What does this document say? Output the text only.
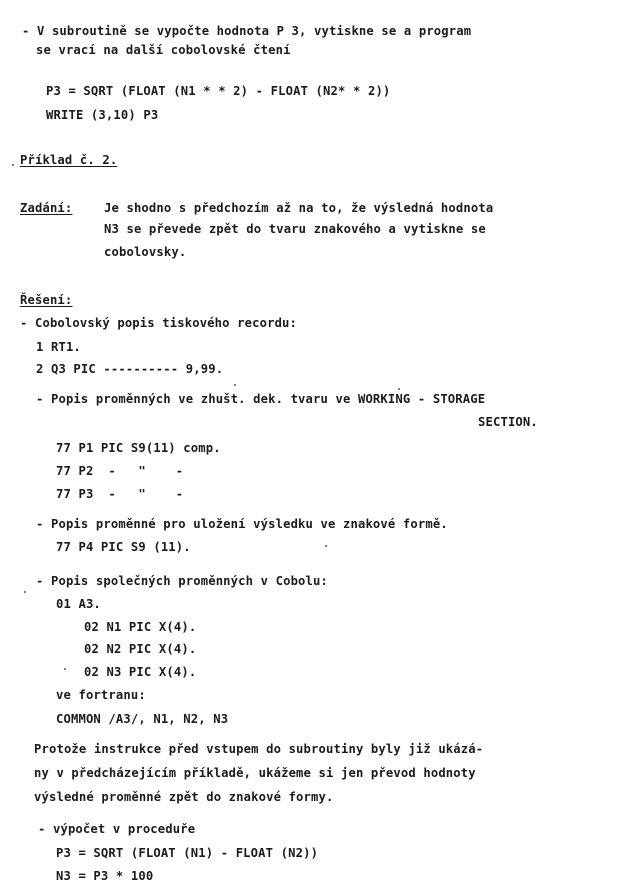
- V subroutině se vypočte hodnota P 3, vytiskne se a program
se vrací na další cobolovské čtení
P3 = SQRT (FLOAT (N1 * * 2) - FLOAT (N2* * 2))
WRITE (3,10) P3
Příklad č. 2.
Zadání:	Je shodno s předchozím až na to, že výsledná hodnota
N3 se převede zpět do tvaru znakového a vytiskne se
cobolovsky.
Řešení:
- Cobolovský popis tiskového recordu:
1 RT1.
2 Q3 PIC ---------- 9,99.
- Popis proměnných ve zhušt. dek. tvaru ve WORKING - STORAGE
SECTION.
77 P1 PIC S9(11) comp.
77 P2  -   "    -
77 P3  -   "    -
- Popis proměnné pro uložení výsledku ve znakové formě.
77 P4 PIC S9 (11).
- Popis společných proměnných v Cobolu:
01 A3.
02 N1 PIC X(4).
02 N2 PIC X(4).
02 N3 PIC X(4).
ve fortranu:
COMMON /A3/, N1, N2, N3
Protože instrukce před vstupem do subroutiny byly již ukázá-
ny v předcházejícím příkladě, ukážeme si jen převod hodnoty
výsledné proměnné zpět do znakové formy.
- výpočet v proceduře
P3 = SQRT (FLOAT (N1) - FLOAT (N2))
N3 = P3 * 100
